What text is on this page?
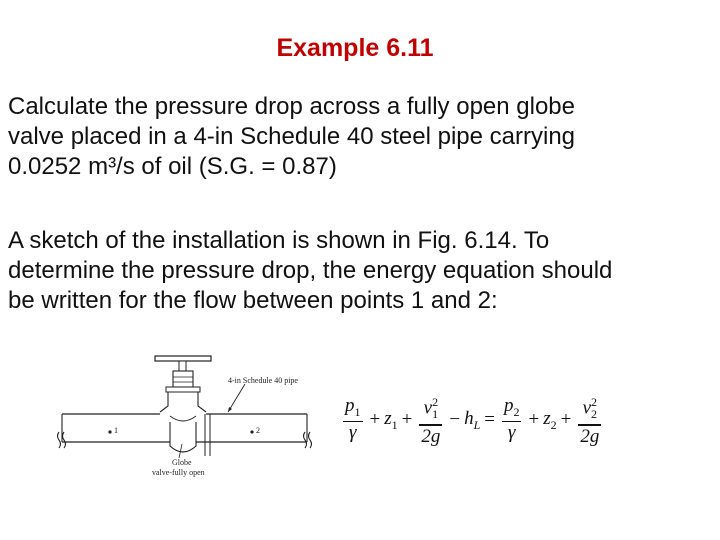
Example 6.11

Calculate the pressure drop across a fully open globe
valve placed in a 4-in Schedule 40 steel pipe carrying
0.0252 m³/s of oil (S.G. = 0.87)

A sketch of the installation is shown in Fig. 6.14. To
determine the pressure drop, the energy equation should
be written for the flow between points 1 and 2:

4-in Schedule 40 pipe
1	2
Globe
valve-fully open
$\frac{p_1}{\gamma} + z_1 + \frac{v^2_1}{2g} - h_L = \frac{p_2}{\gamma} + z_2 + \frac{v^2_2}{2g}$
